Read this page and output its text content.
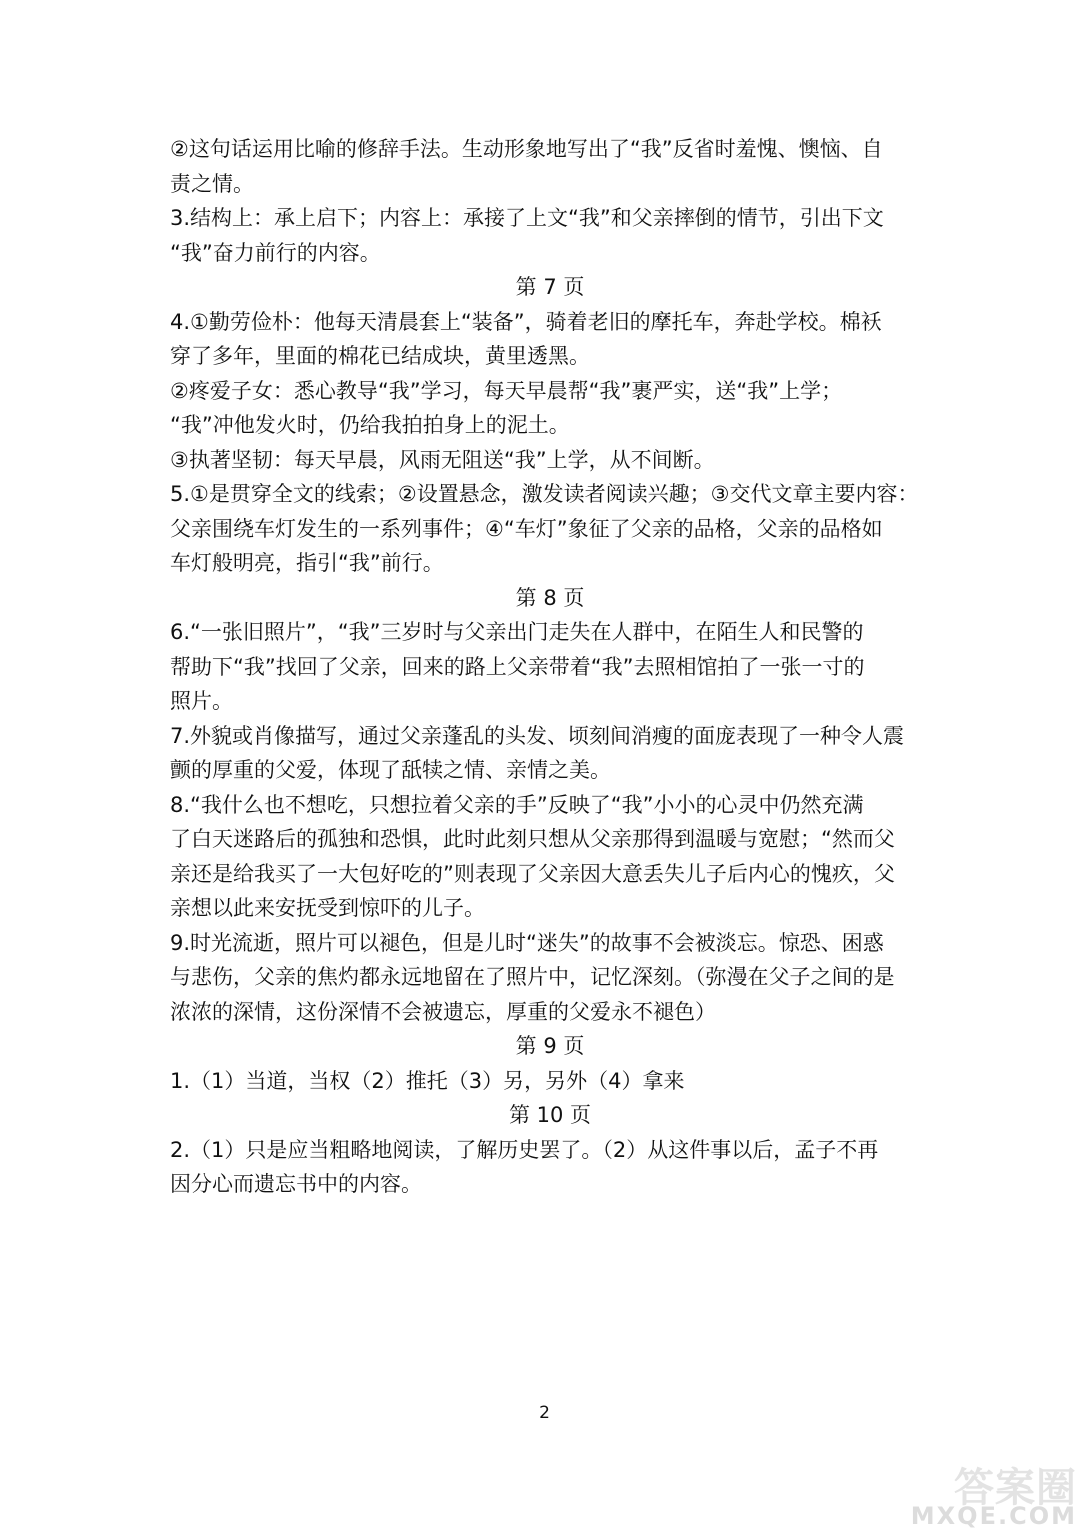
②这句话运用比喻的修辞手法。生动形象地写出了“我”反省时羞愧、懊恼、自

责之情。

3.结构上：承上启下；内容上：承接了上文“我”和父亲摔倒的情节，引出下文

“我”奋力前行的内容。

第 7 页

4.①勤劳俭朴：他每天清晨套上“装备”，骑着老旧的摩托车，奔赴学校。棉袄

穿了多年，里面的棉花已结成块，黄里透黑。

②疼爱子女：悉心教导“我”学习，每天早晨帮“我”裹严实，送“我”上学；

“我”冲他发火时，仍给我拍拍身上的泥土。

③执著坚韧：每天早晨，风雨无阻送“我”上学，从不间断。

5.①是贯穿全文的线索；②设置悬念，激发读者阅读兴趣；③交代文章主要内容：

父亲围绕车灯发生的一系列事件；④“车灯”象征了父亲的品格，父亲的品格如

车灯般明亮，指引“我”前行。

第 8 页

6.“一张旧照片”，“我”三岁时与父亲出门走失在人群中，在陌生人和民警的

帮助下“我”找回了父亲，回来的路上父亲带着“我”去照相馆拍了一张一寸的

照片。

7.外貌或肖像描写，通过父亲蓬乱的头发、顷刻间消瘦的面庞表现了一种令人震

颤的厚重的父爱，体现了舐犊之情、亲情之美。

8.“我什么也不想吃，只想拉着父亲的手”反映了“我”小小的心灵中仍然充满

了白天迷路后的孤独和恐惧，此时此刻只想从父亲那得到温暖与宽慰；“然而父

亲还是给我买了一大包好吃的”则表现了父亲因大意丢失儿子后内心的愧疚，父

亲想以此来安抚受到惊吓的儿子。

9.时光流逝，照片可以褪色，但是儿时“迷失”的故事不会被淡忘。惊恐、困惑

与悲伤，父亲的焦灼都永远地留在了照片中，记忆深刻。（弥漫在父子之间的是

浓浓的深情，这份深情不会被遗忘，厚重的父爱永不褪色）

第 9 页

1.（1）当道，当权（2）推托（3）另，另外（4）拿来

第 10 页

2.（1）只是应当粗略地阅读，了解历史罢了。（2）从这件事以后，孟子不再

因分心而遗忘书中的内容。

2
答案圈
MXQE.COM
